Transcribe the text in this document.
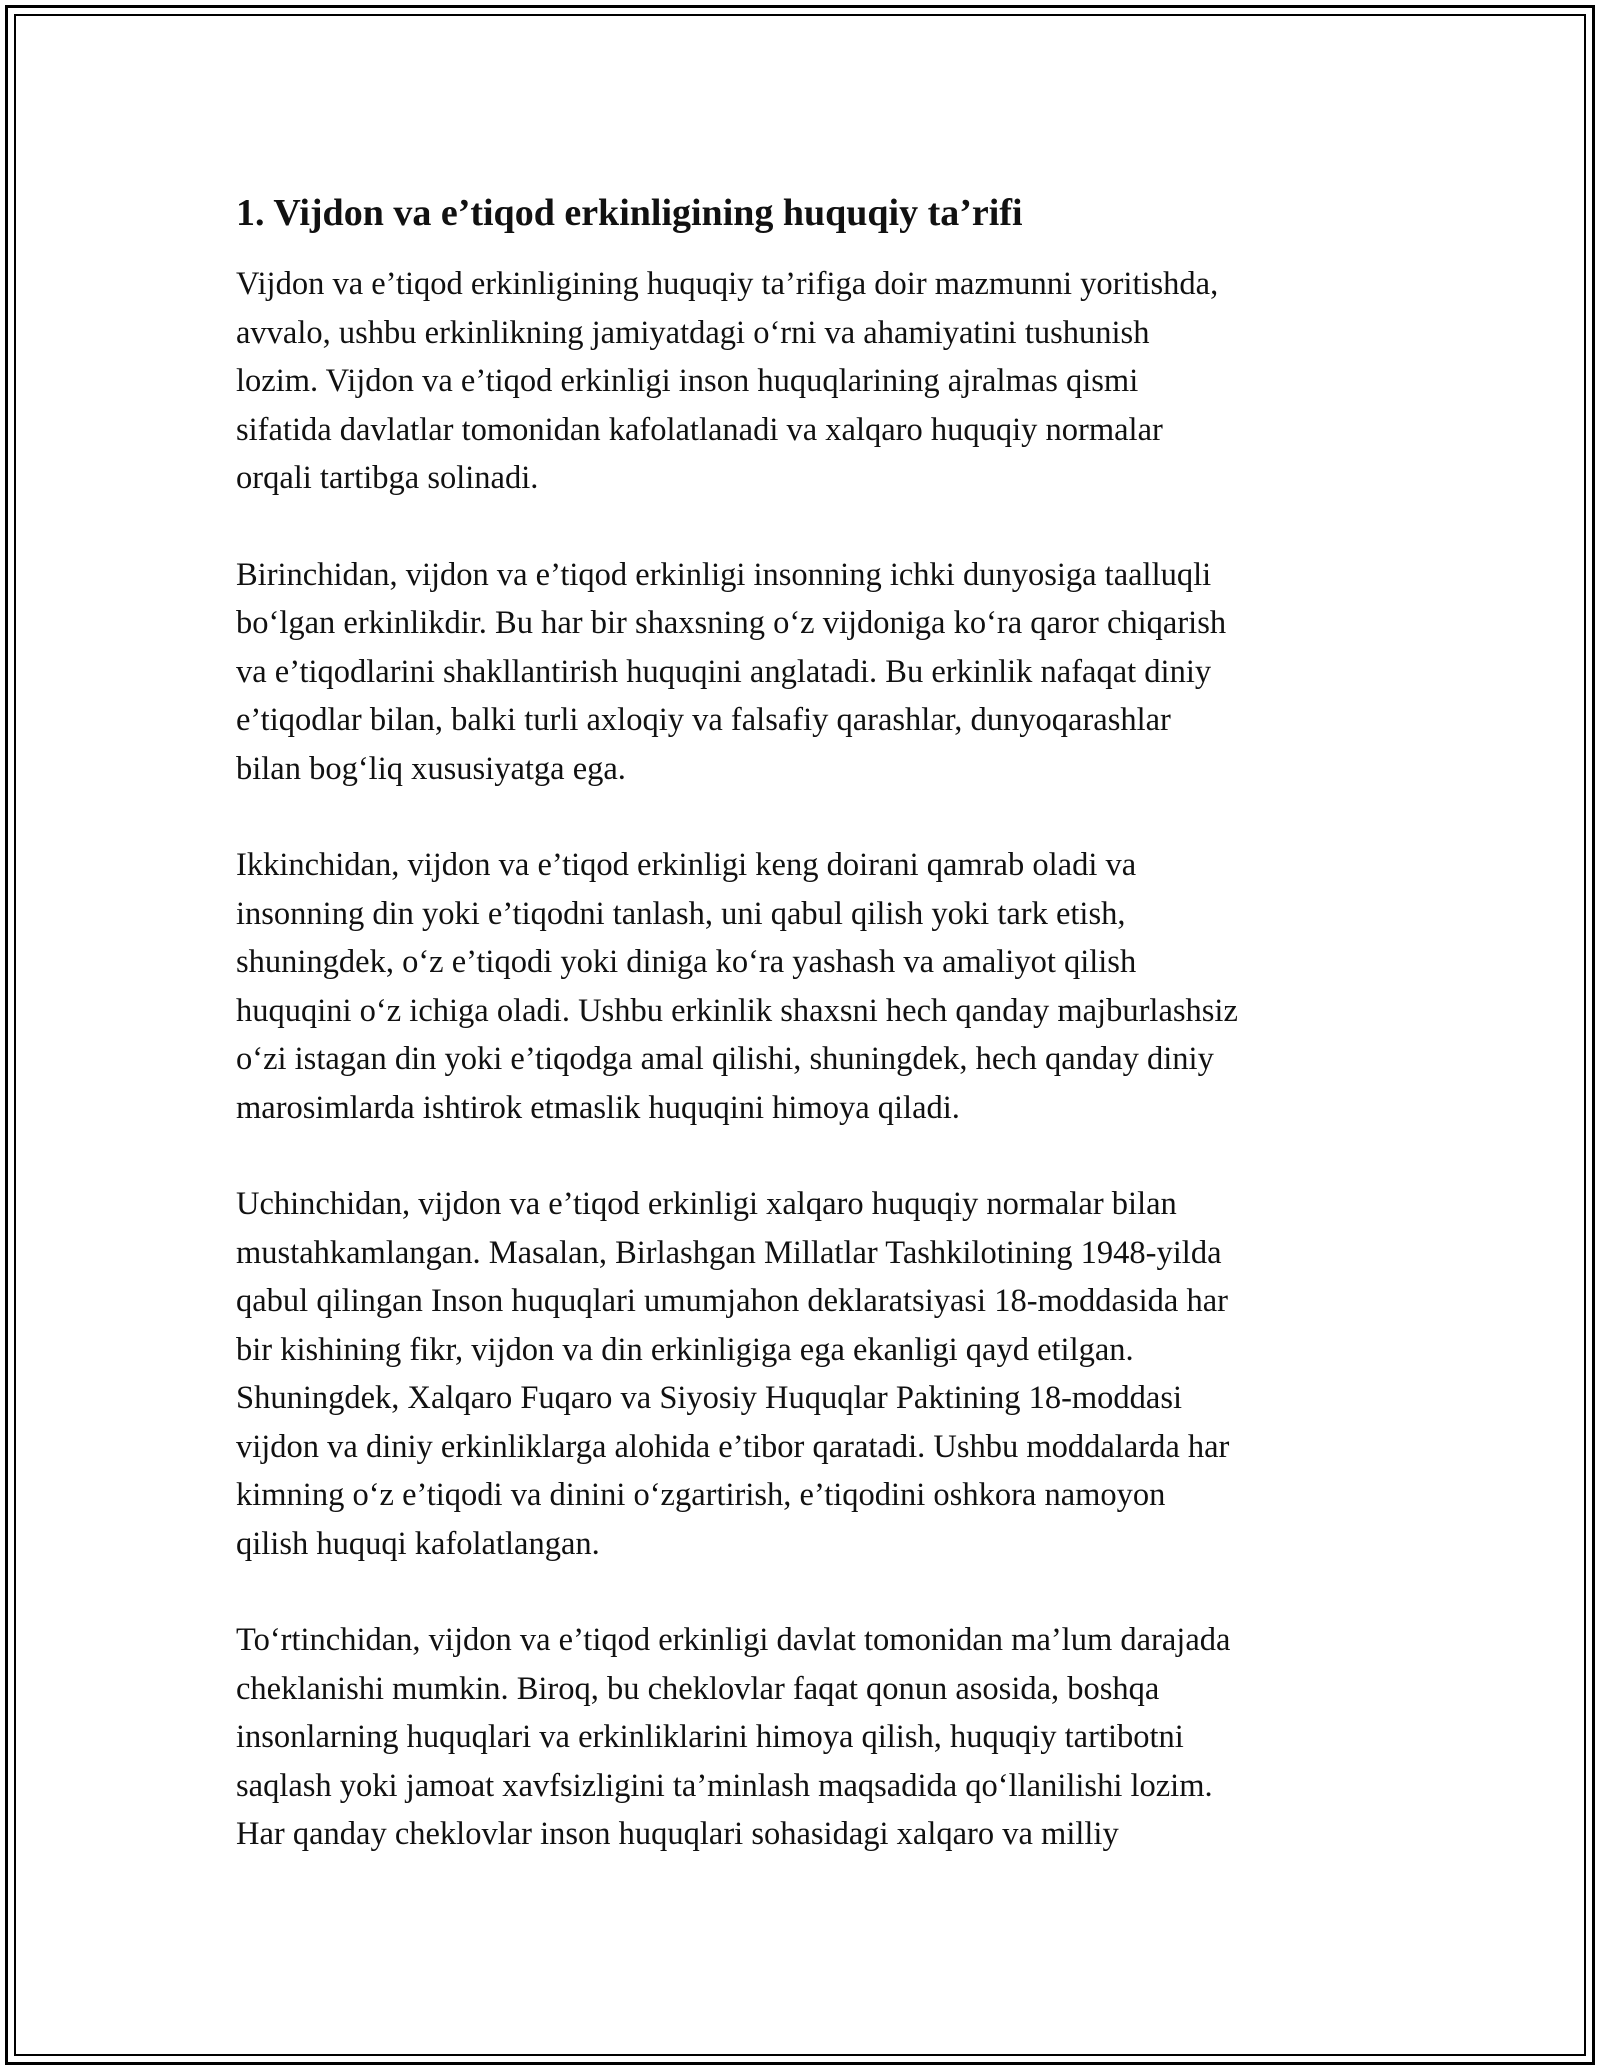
1. Vijdon va e’tiqod erkinligining huquqiy ta’rifi

Vijdon va e’tiqod erkinligining huquqiy ta’rifiga doir mazmunni yoritishda,
avvalo, ushbu erkinlikning jamiyatdagi o‘rni va ahamiyatini tushunish
lozim. Vijdon va e’tiqod erkinligi inson huquqlarining ajralmas qismi
sifatida davlatlar tomonidan kafolatlanadi va xalqaro huquqiy normalar
orqali tartibga solinadi.

Birinchidan, vijdon va e’tiqod erkinligi insonning ichki dunyosiga taalluqli
bo‘lgan erkinlikdir. Bu har bir shaxsning o‘z vijdoniga ko‘ra qaror chiqarish
va e’tiqodlarini shakllantirish huquqini anglatadi. Bu erkinlik nafaqat diniy
e’tiqodlar bilan, balki turli axloqiy va falsafiy qarashlar, dunyoqarashlar
bilan bog‘liq xususiyatga ega.

Ikkinchidan, vijdon va e’tiqod erkinligi keng doirani qamrab oladi va
insonning din yoki e’tiqodni tanlash, uni qabul qilish yoki tark etish,
shuningdek, o‘z e’tiqodi yoki diniga ko‘ra yashash va amaliyot qilish
huquqini o‘z ichiga oladi. Ushbu erkinlik shaxsni hech qanday majburlashsiz
o‘zi istagan din yoki e’tiqodga amal qilishi, shuningdek, hech qanday diniy
marosimlarda ishtirok etmaslik huquqini himoya qiladi.

Uchinchidan, vijdon va e’tiqod erkinligi xalqaro huquqiy normalar bilan
mustahkamlangan. Masalan, Birlashgan Millatlar Tashkilotining 1948-yilda
qabul qilingan Inson huquqlari umumjahon deklaratsiyasi 18-moddasida har
bir kishining fikr, vijdon va din erkinligiga ega ekanligi qayd etilgan.
Shuningdek, Xalqaro Fuqaro va Siyosiy Huquqlar Paktining 18-moddasi
vijdon va diniy erkinliklarga alohida e’tibor qaratadi. Ushbu moddalarda har
kimning o‘z e’tiqodi va dinini o‘zgartirish, e’tiqodini oshkora namoyon
qilish huquqi kafolatlangan.

To‘rtinchidan, vijdon va e’tiqod erkinligi davlat tomonidan ma’lum darajada
cheklanishi mumkin. Biroq, bu cheklovlar faqat qonun asosida, boshqa
insonlarning huquqlari va erkinliklarini himoya qilish, huquqiy tartibotni
saqlash yoki jamoat xavfsizligini ta’minlash maqsadida qo‘llanilishi lozim.
Har qanday cheklovlar inson huquqlari sohasidagi xalqaro va milliy
